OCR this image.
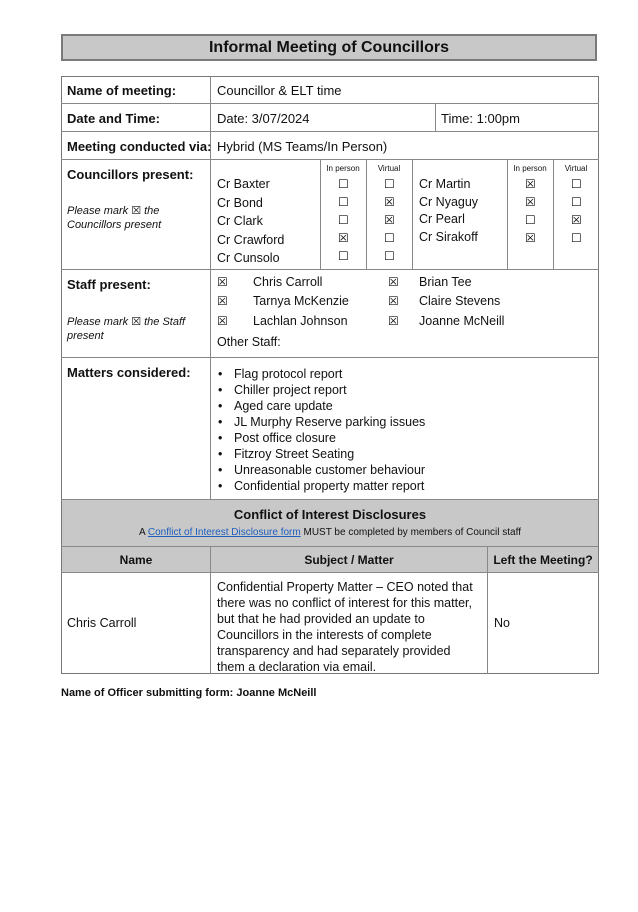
Informal Meeting of Councillors
Name of meeting:	Councillor & ELT time
Date and Time:	Date: 3/07/2024	Time: 1:00pm
Meeting conducted via: Hybrid (MS Teams/In Person)
Councillors present:
Please mark ☒ the Councillors present
In person	Virtual	In person	Virtual
Cr Baxter	☐	☐
Cr Bond	☐	☒
Cr Clark	☐	☒
Cr Crawford	☒	☐
Cr Cunsolo	☐	☐
Cr Martin	☒	☐
Cr Nyaguy	☒	☐
Cr Pearl	☐	☒
Cr Sirakoff	☒	☐
Staff present:
Please mark ☒ the Staff present
☒ Chris Carroll
☒ Tarnya McKenzie
☒ Lachlan Johnson
☒ Brian Tee
☒ Claire Stevens
☒ Joanne McNeill
Other Staff:
Matters considered:
•	Flag protocol report
• Chiller project report
• Aged care update
• JL Murphy Reserve parking issues
• Post office closure
• Fitzroy Street Seating
• Unreasonable customer behaviour
• Confidential property matter report
Conflict of Interest Disclosures
A Conflict of Interest Disclosure form MUST be completed by members of Council staff
Name	Subject / Matter	Left the Meeting?
Chris Carroll
Confidential Property Matter – CEO noted that there was no conflict of interest for this matter, but that he had provided an update to Councillors in the interests of complete transparency and had separately provided them a declaration via email.
No
Name of Officer submitting form: Joanne McNeill
